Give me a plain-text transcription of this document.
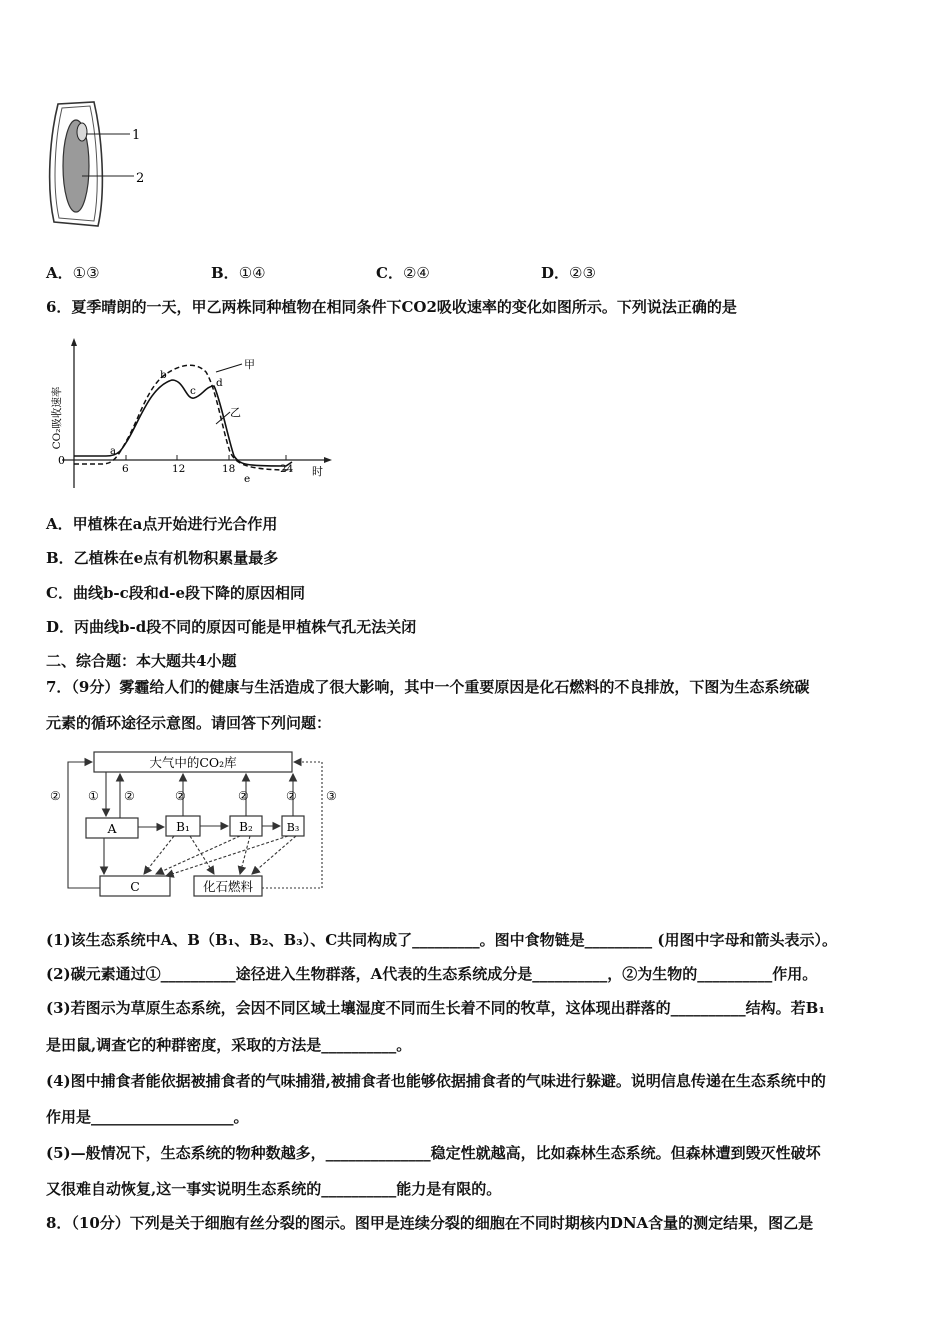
1
2
A．①③	B．①④	C．②④	D．②③
6．夏季晴朗的一天，甲乙两株同种植物在相同条件下CO2吸收速率的变化如图所示。下列说法正确的是
CO₂吸收速率
0
6	12	18	24 时
a
b
c
d
e
甲
乙
A．甲植株在a点开始进行光合作用
B．乙植株在e点有机物积累量最多
C．曲线b-c段和d-e段下降的原因相同
D．丙曲线b-d段不同的原因可能是甲植株气孔无法关闭
二、综合题：本大题共4小题
7．（9分）雾霾给人们的健康与生活造成了很大影响，其中一个重要原因是化石燃料的不良排放，下图为生态系统碳
元素的循环途径示意图。请回答下列问题：
大气中的CO₂库
A	B₁	B₂	B₃
C	化石燃料
② ① ②	②	②	② ③
(1)该生态系统中A、B（B₁、B₂、B₃）、C共同构成了_________。图中食物链是_________ (用图中字母和箭头表示）。
(2)碳元素通过①__________途径进入生物群落，A代表的生态系统成分是__________，②为生物的__________作用。
(3)若图示为草原生态系统，会因不同区域土壤湿度不同而生长着不同的牧草，这体现出群落的__________结构。若B₁
是田鼠,调查它的种群密度，采取的方法是__________。
(4)图中捕食者能依据被捕食者的气味捕猎,被捕食者也能够依据捕食者的气味进行躲避。说明信息传递在生态系统中的
作用是___________________。
(5)—般情况下，生态系统的物种数越多，______________稳定性就越高，比如森林生态系统。但森林遭到毁灭性破坏
又很难自动恢复,这一事实说明生态系统的__________能力是有限的。
8．（10分）下列是关于细胞有丝分裂的图示。图甲是连续分裂的细胞在不同时期核内DNA含量的测定结果，图乙是
